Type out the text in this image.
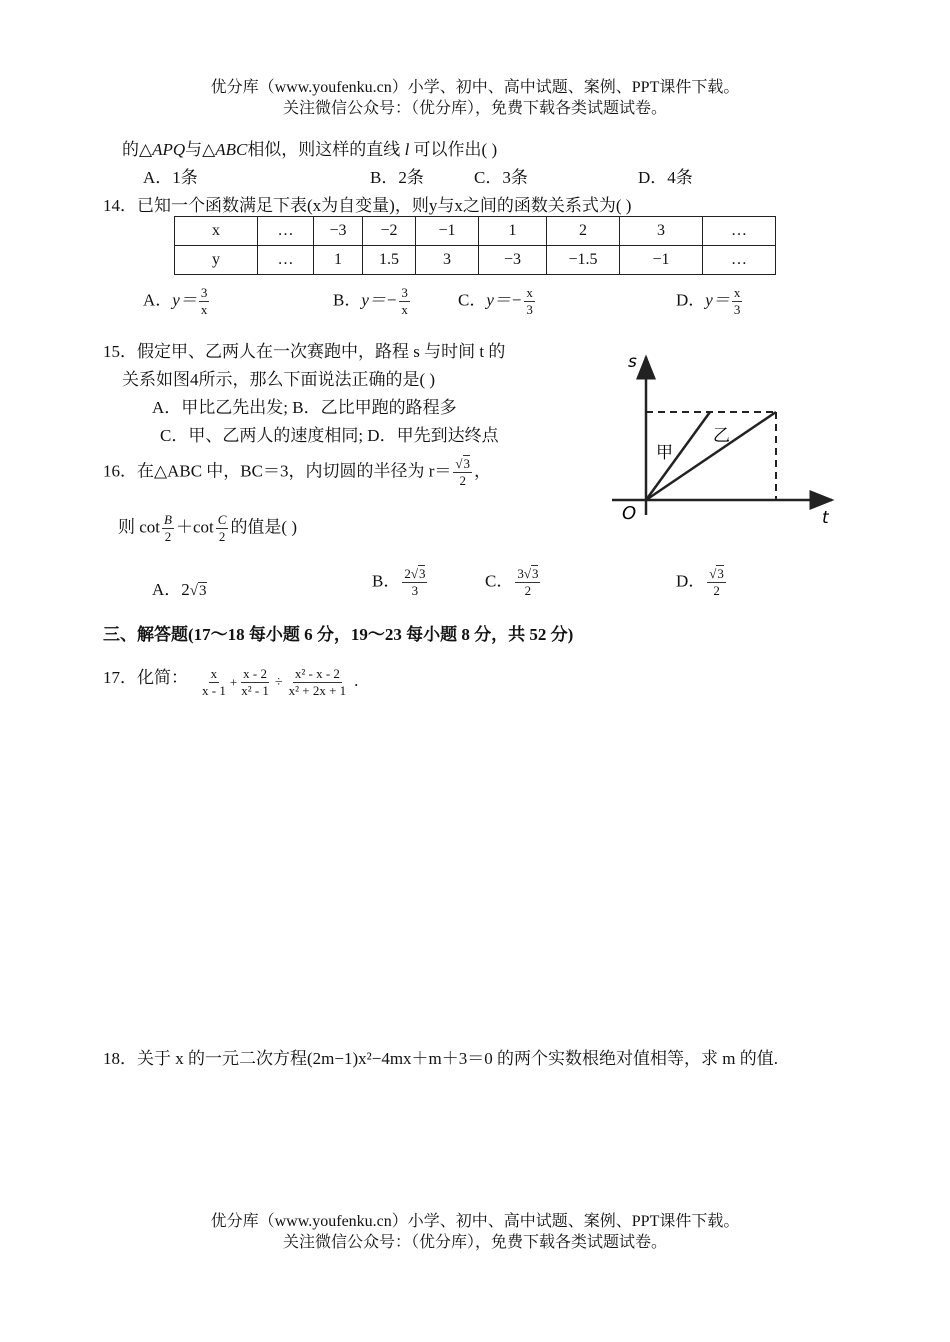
优分库（www.youfenku.cn）小学、初中、高中试题、案例、PPT课件下载。
关注微信公众号：（优分库），免费下载各类试题试卷。
的△APQ与△ABC相似，则这样的直线 l 可以作出( )
A．1条	B．2条	C．3条	D．4条
14．已知一个函数满足下表(x为自变量)，则y与x之间的函数关系式为( )
x	…	−3	−2	−1	1	2	3	…
y	…	1	1.5	3	−3	−1.5	−1	…
A．$y= \frac{3}{x}$	B．$y=- \frac{3}{x}$	C．$y=- \frac{x}{3}$	D．$y= \frac{x}{3}$
15．假定甲、乙两人在一次赛跑中，路程 s 与时间 t 的
关系如图4所示，那么下面说法正确的是( )
A．甲比乙先出发; B．乙比甲跑的路程多
C．甲、乙两人的速度相同; D．甲先到达终点
s
t
O
甲
乙
16．在△ABC 中，BC＝3，内切圆的半径为 $r= \frac{√3}{2}$ ，
则 $\cot \frac{B}{2} +\cot \frac{C}{2}$ 的值是( )
A．2√3
B． $\frac{2√3}{3}$	C． $\frac{3√3}{2}$	D． $\frac{√3}{2}$
三、解答题(17～18 每小题 6 分，19～23 每小题 8 分，共 52 分)
17．化简： $\frac{x}{x - 1} + \frac{x - 2}{\text{x² - 1}} \div \frac{\text{x² - x - 2}}{\text{x² + 2x + 1}}$ .
18．关于 x 的一元二次方程(2m−1)x²−4mx＋m＋3＝0 的两个实数根绝对值相等，求 m 的值.
优分库（www.youfenku.cn）小学、初中、高中试题、案例、PPT课件下载。
关注微信公众号：（优分库），免费下载各类试题试卷。
